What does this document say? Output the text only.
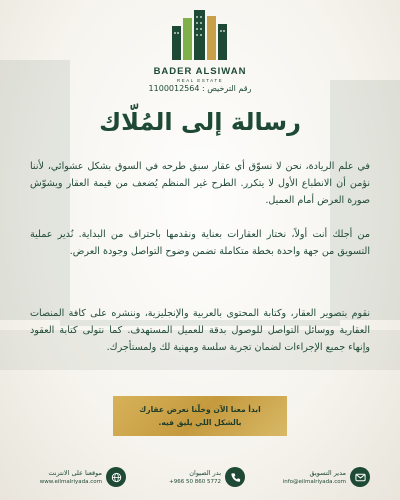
BADER ALSIWAN
REAL ESTATE
رقم الترخيص : 1100012564
رسالة إلى المُلّاك

في علم الريادة، نحن لا نسوّق أي عقار سبق طرحه في السوق بشكل عشوائي، لأننا نؤمن أن الانطباع الأول لا يتكرر. الطرح غير المنظم يُضعف من قيمة العقار ويشوّش صورة العرض أمام العميل.

من أجلك أنت أولاً، نختار العقارات بعناية ونقدمها باحتراف من البداية. نُدير عملية التسويق من جهة واحدة بخطة متكاملة تضمن وضوح التواصل وجودة العرض.

نقوم بتصوير العقار، وكتابة المحتوى بالعربية والإنجليزية، وننشره على كافة المنصات العقارية ووسائل التواصل للوصول بدقة للعميل المستهدف. كما نتولى كتابة العقود وإنهاء جميع الإجراءات لضمان تجربة سلسة ومهنية لك ولمستأجرك.

ابدأ معنا الآن وخلّنا نعرض عقارك
بالشكل اللي يليق فيه.
مدير التسويق
info@eilmalriyada.com
بدر الصيوان
+966 50 860 5772
موقعنا على الانترنت
www.eilmalriyada.com
